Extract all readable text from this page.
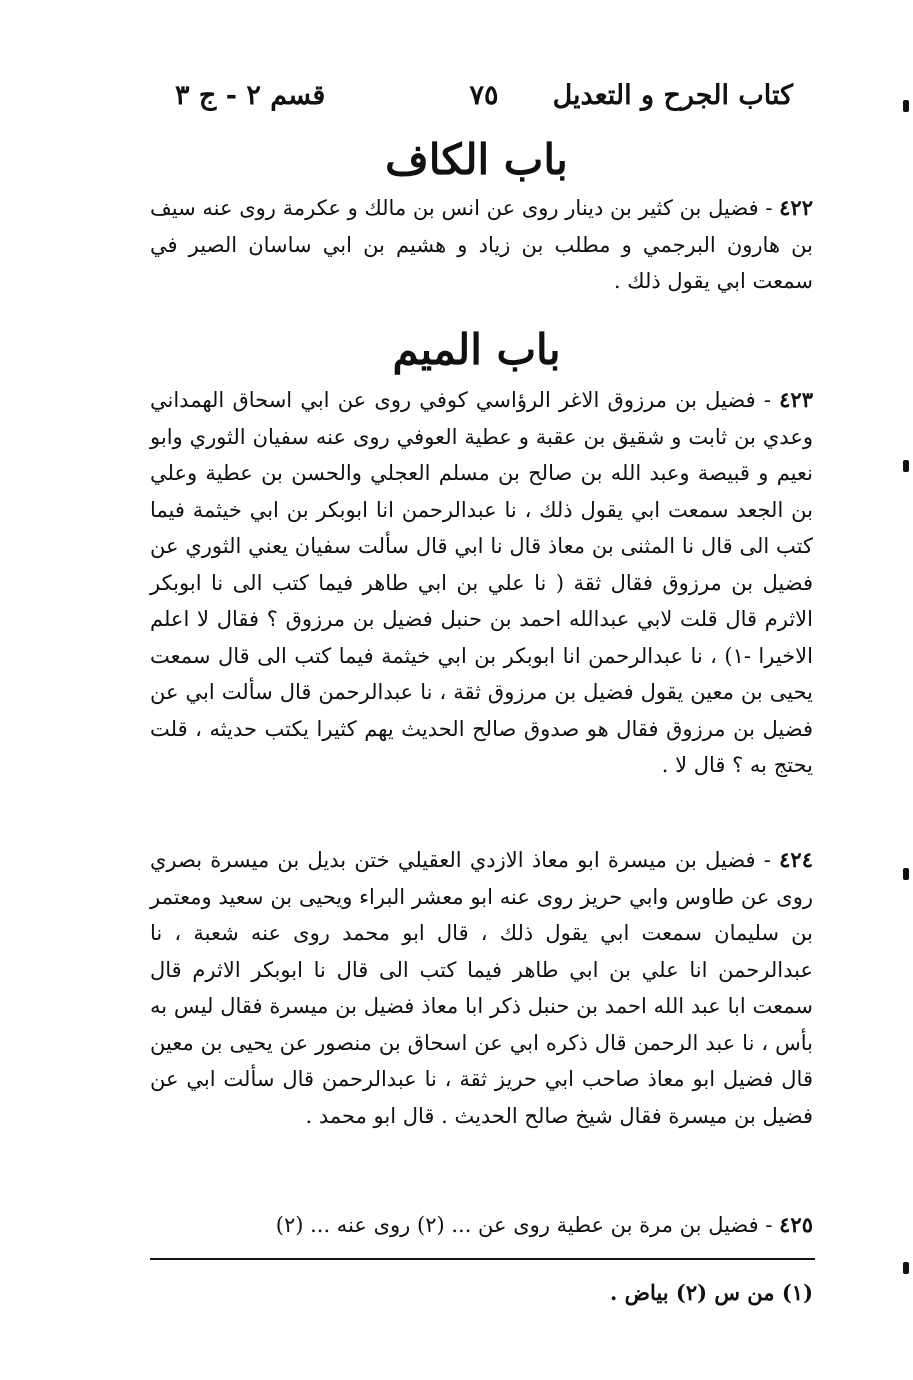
كتاب الجرح و التعديل
٧٥
قسم ٢ - ج ٣
باب الكاف
٤٢٢ - فضيل بن كثير بن دينار روى عن انس بن مالك و عكرمة روى عنه سيف بن هارون البرجمي و مطلب بن زياد و هشيم بن ابي ساسان الصير في سمعت ابي يقول ذلك .
باب الميم
٤٢٣ - فضيل بن مرزوق الاغر الرؤاسي كوفي روى عن ابي اسحاق الهمداني وعدي بن ثابت و شقيق بن عقبة و عطية العوفي روى عنه سفيان الثوري وابو نعيم و قبيصة وعبد الله بن صالح بن مسلم العجلي والحسن بن عطية وعلي بن الجعد سمعت ابي يقول ذلك ، نا عبدالرحمن انا ابوبكر بن ابي خيثمة فيما كتب الى قال نا المثنى بن معاذ قال نا ابي قال سألت سفيان يعني الثوري عن فضيل بن مرزوق فقال ثقة ( نا علي بن ابي طاهر فيما كتب الى نا ابوبكر الاثرم قال قلت لابي عبدالله احمد بن حنبل فضيل بن مرزوق ؟ فقال لا اعلم الاخيرا -١) ، نا عبدالرحمن انا ابوبكر بن ابي خيثمة فيما كتب الى قال سمعت يحيى بن معين يقول فضيل بن مرزوق ثقة ، نا عبدالرحمن قال سألت ابي عن فضيل بن مرزوق فقال هو صدوق صالح الحديث يهم كثيرا يكتب حديثه ، قلت يحتج به ؟ قال لا .
٤٢٤ - فضيل بن ميسرة ابو معاذ الازدي العقيلي ختن بديل بن ميسرة بصري روى عن طاوس وابي حريز روى عنه ابو معشر البراء ويحيى بن سعيد ومعتمر بن سليمان سمعت ابي يقول ذلك ، قال ابو محمد روى عنه شعبة ، نا عبدالرحمن انا علي بن ابي طاهر فيما كتب الى قال نا ابوبكر الاثرم قال سمعت ابا عبد الله احمد بن حنبل ذكر ابا معاذ فضيل بن ميسرة فقال ليس به بأس ، نا عبد الرحمن قال ذكره ابي عن اسحاق بن منصور عن يحيى بن معين قال فضيل ابو معاذ صاحب ابي حريز ثقة ، نا عبدالرحمن قال سألت ابي عن فضيل بن ميسرة فقال شيخ صالح الحديث . قال ابو محمد .
٤٢٥ - فضيل بن مرة بن عطية روى عن ... (٢) روى عنه ... (٢)
(١) من س (٢) بياض .
